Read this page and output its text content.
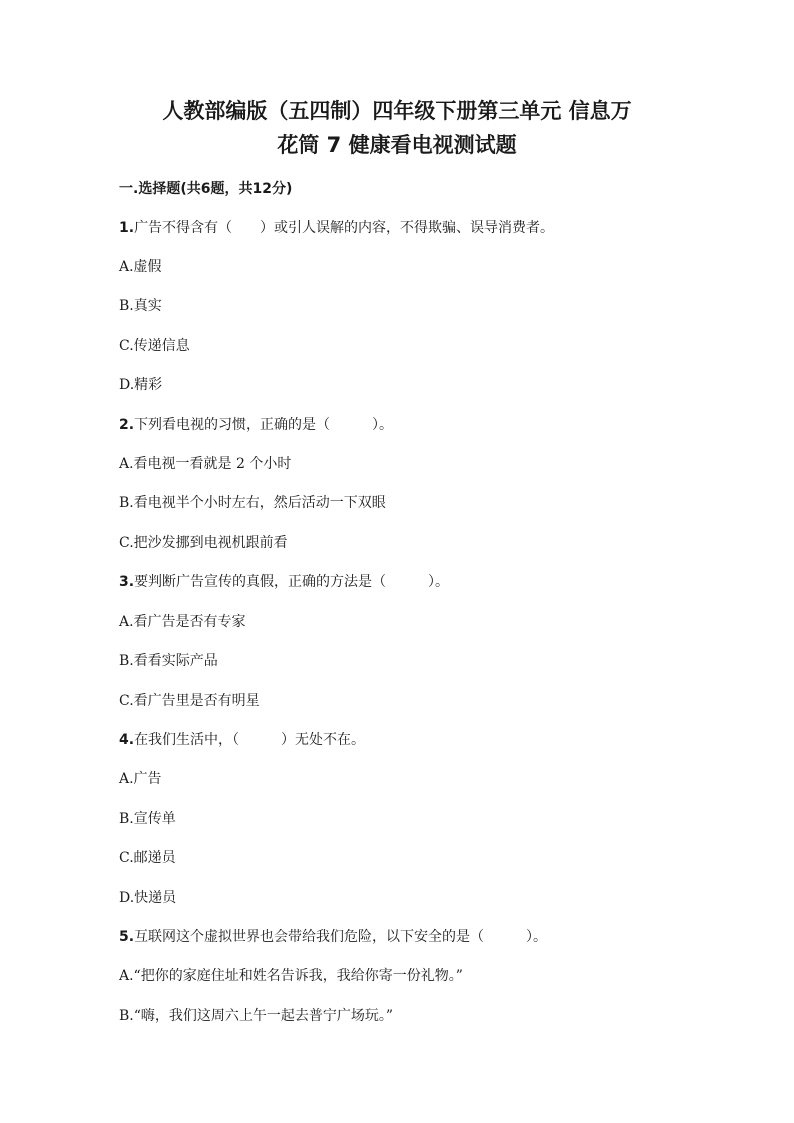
人教部编版（五四制）四年级下册第三单元 信息万
花筒 7 健康看电视测试题
一.选择题(共6题，共12分)
1.广告不得含有（　　）或引人误解的内容，不得欺骗、误导消费者。
A.虚假
B.真实
C.传递信息
D.精彩
2.下列看电视的习惯，正确的是（　　　）。
A.看电视一看就是 2 个小时
B.看电视半个小时左右，然后活动一下双眼
C.把沙发挪到电视机跟前看
3.要判断广告宣传的真假，正确的方法是（　　　）。
A.看广告是否有专家
B.看看实际产品
C.看广告里是否有明星
4.在我们生活中，（　　　）无处不在。
A.广告
B.宣传单
C.邮递员
D.快递员
5.互联网这个虚拟世界也会带给我们危险，以下安全的是（　　　）。
A.“把你的家庭住址和姓名告诉我，我给你寄一份礼物。”
B.“嗨，我们这周六上午一起去普宁广场玩。”
